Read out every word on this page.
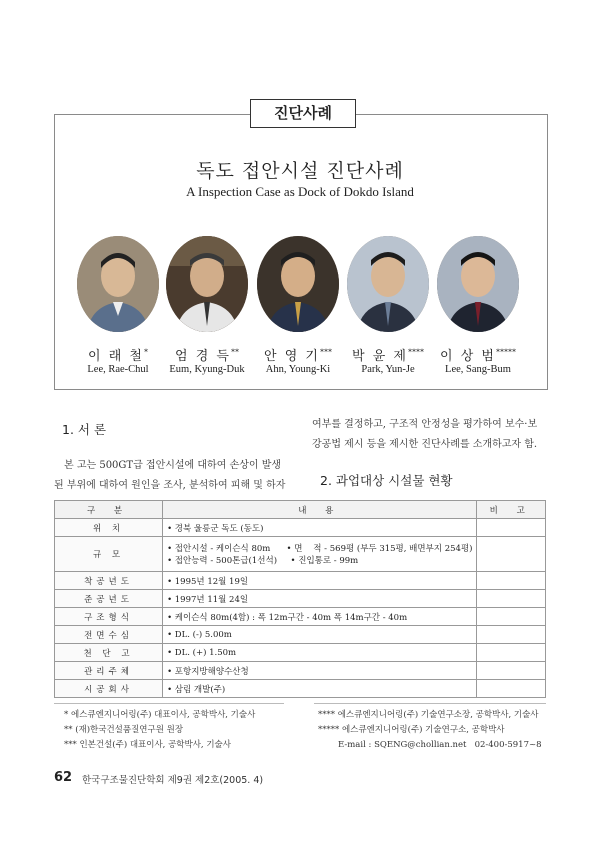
진단사례
독도 접안시설 진단사례
A Inspection Case as Dock of Dokdo Island
이 래 철*	엄 경 득**	안 영 기***	박 윤 제****	이 상 범*****
Lee, Rae-Chul	Eum, Kyung-Duk	Ahn, Young-Ki	Park, Yun-Je	Lee, Sang-Bum
1. 서 론
본 고는 500GT급 접안시설에 대하여 손상이 발생
된 부위에 대하여 원인을 조사, 분석하여 피해 및 하자
여부를 결정하고, 구조적 안정성을 평가하여 보수·보
강공법 제시 등을 제시한 진단사례를 소개하고자 함.
2. 과업대상 시설물 현황
구 분	내 용	비 고
위 치	• 경북 울릉군 독도 (동도)	
규 모	• 접안시설 - 케이슨식 80m      • 면    적 - 569평 (부두 315평, 배면부지 254평)
• 접안능력 - 500톤급(1선석)     • 진입통로 - 99m	

착공년도	• 1995년 12월 19일	
준공년도	• 1997년 11월 24일	
구조형식	• 케이슨식 80m(4함) : 폭 12m구간 - 40m 폭 14m구간 - 40m	
전면수심	• DL. (-) 5.00m	
천 단 고	• DL. (+) 1.50m	
관리주체	• 포항지방해양수산청	
시공회사	• 삼림 개발(주)	
* 에스큐엔지니어링(주) 대표이사, 공학박사, 기술사
** (재)한국건설품질연구원 원장
*** 인본건설(주) 대표이사, 공학박사, 기술사
**** 에스큐엔지니어링(주) 기술연구소장, 공학박사, 기술사
***** 에스큐엔지니어링(주) 기술연구소, 공학박사
E-mail : SQENG@chollian.net   02-400-5917~8
62 한국구조물진단학회 제9권 제2호(2005. 4)
